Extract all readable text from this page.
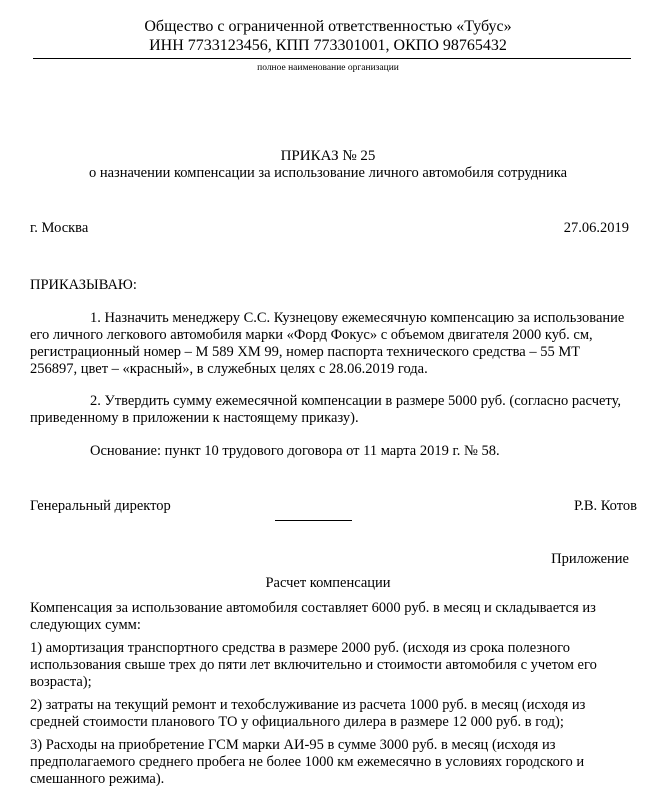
Общество с ограниченной ответственностью «Тубус»
ИНН 7733123456, КПП 773301001, ОКПО 98765432
полное наименование организации
ПРИКАЗ № 25
о назначении компенсации за использование личного автомобиля сотрудника
г. Москва	27.06.2019
ПРИКАЗЫВАЮ:

1. Назначить менеджеру С.С. Кузнецову ежемесячную компенсацию за использование его личного легкового автомобиля марки «Форд Фокус» с объемом двигателя 2000 куб. см, регистрационный номер – М 589 ХМ 99, номер паспорта технического средства – 55 МТ 256897, цвет – «красный», в служебных целях с 28.06.2019 года.

2. Утвердить сумму ежемесячной компенсации в размере 5000 руб. (согласно расчету, приведенному в приложении к настоящему приказу).

Основание: пункт 10 трудового договора от 11 марта 2019 г. № 58.

Генеральный директор	Р.В. Котов
Приложение
Расчет компенсации

Компенсация за использование автомобиля составляет 6000 руб. в месяц и складывается из следующих сумм:

1) амортизация транспортного средства в размере 2000 руб. (исходя из срока полезного использования свыше трех до пяти лет включительно и стоимости автомобиля с учетом его возраста);

2) затраты на текущий ремонт и техобслуживание из расчета 1000 руб. в месяц (исходя из средней стоимости планового ТО у официального дилера в размере 12 000 руб. в год);

3) Расходы на приобретение ГСМ марки АИ-95 в сумме 3000 руб. в месяц (исходя из предполагаемого среднего пробега не более 1000 км ежемесячно в условиях городского и смешанного режима).
